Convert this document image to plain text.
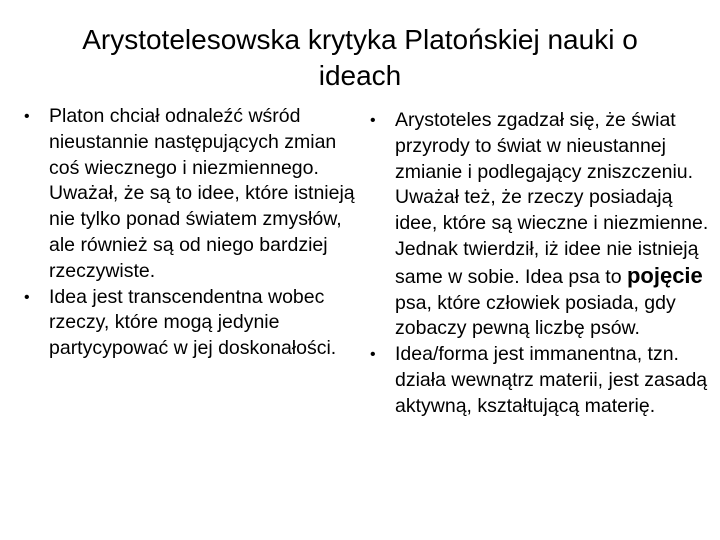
Arystotelesowska krytyka Platońskiej nauki o
ideach
• Platon chciał odnaleźć wśród nieustannie następujących zmian coś wiecznego i niezmiennego. Uważał, że są to idee, które istnieją nie tylko ponad światem zmysłów, ale również są od niego bardziej rzeczywiste.
• Idea jest transcendentna wobec rzeczy, które mogą jedynie partycypować w jej doskonałości.
• Arystoteles zgadzał się, że świat przyrody to świat w nieustannej zmianie i podlegający zniszczeniu. Uważał też, że rzeczy posiadają idee, które są wieczne i niezmienne. Jednak twierdził, iż idee nie istnieją same w sobie. Idea psa to pojęcie psa, które człowiek posiada, gdy zobaczy pewną liczbę psów.
• Idea/forma jest immanentna, tzn. działa wewnątrz materii, jest zasadą aktywną, kształtującą materię.
